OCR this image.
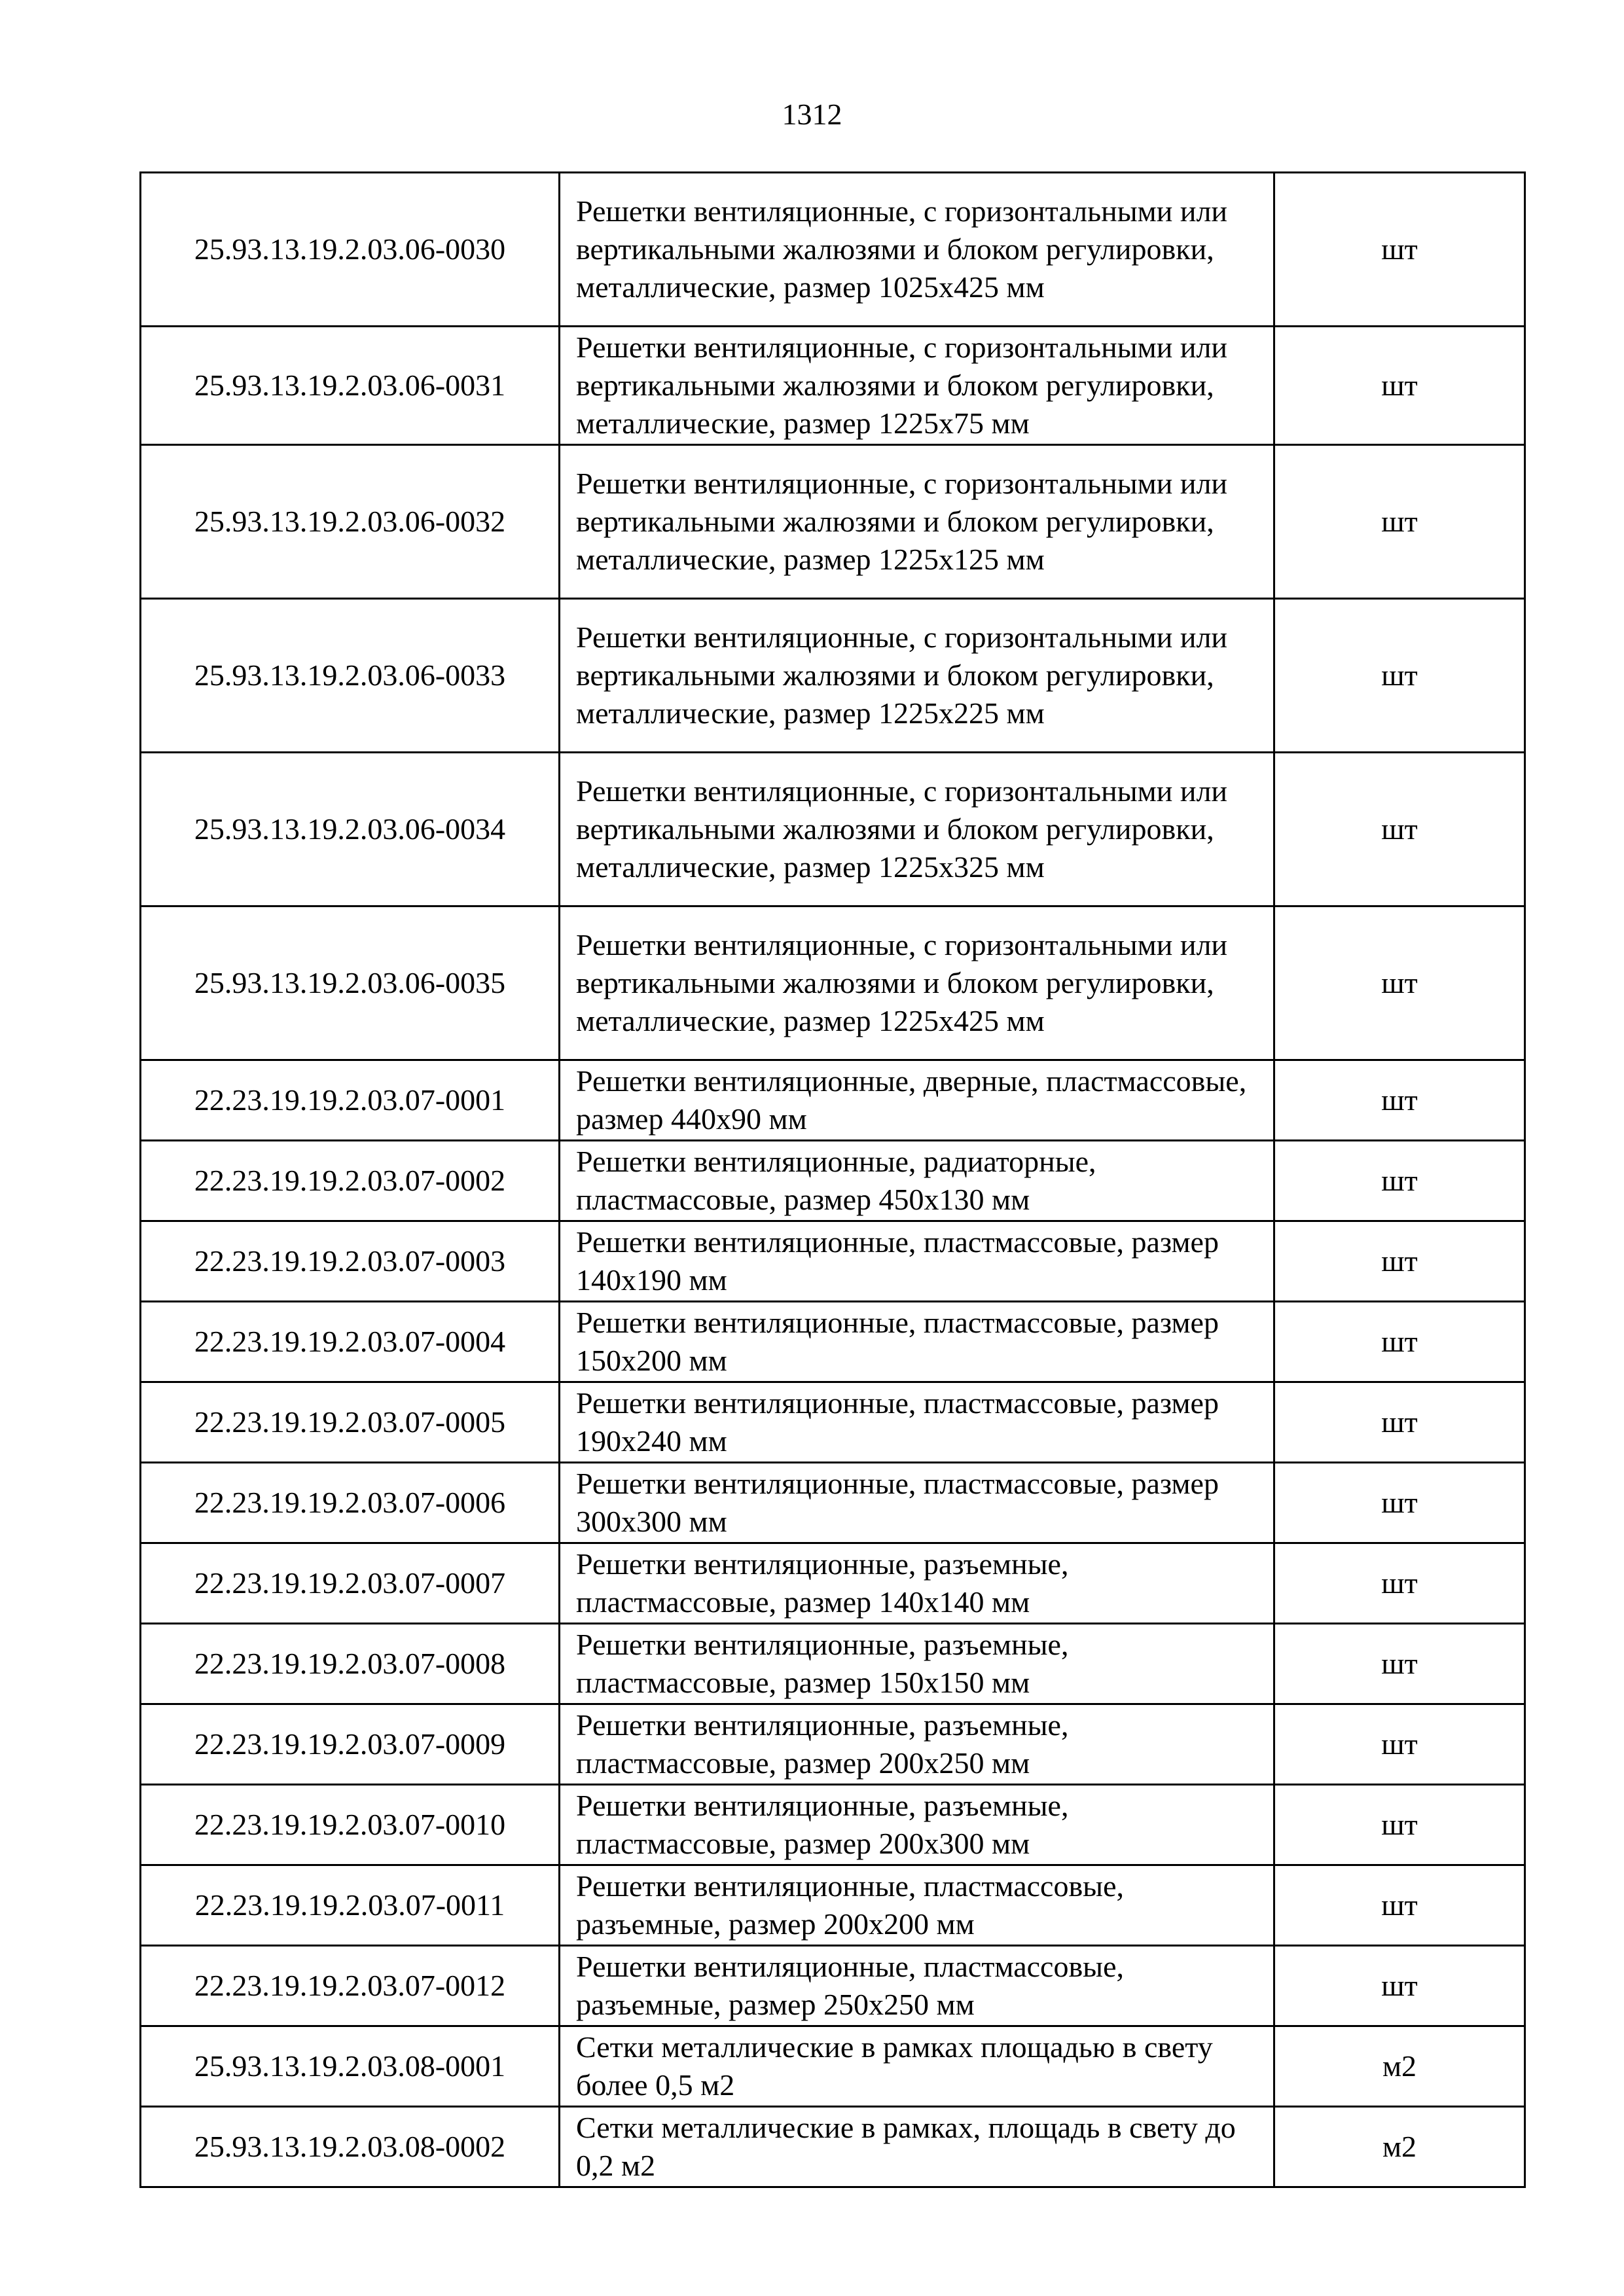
1312
25.93.13.19.2.03.06-0030	Решетки вентиляционные, с горизонтальными или вертикальными жалюзями и блоком регулировки, металлические, размер 1025х425 мм	шт
25.93.13.19.2.03.06-0031	Решетки вентиляционные, с горизонтальными или вертикальными жалюзями и блоком регулировки, металлические, размер 1225х75 мм	шт
25.93.13.19.2.03.06-0032	Решетки вентиляционные, с горизонтальными или вертикальными жалюзями и блоком регулировки, металлические, размер 1225х125 мм	шт
25.93.13.19.2.03.06-0033	Решетки вентиляционные, с горизонтальными или вертикальными жалюзями и блоком регулировки, металлические, размер 1225х225 мм	шт
25.93.13.19.2.03.06-0034	Решетки вентиляционные, с горизонтальными или вертикальными жалюзями и блоком регулировки, металлические, размер 1225х325 мм	шт
25.93.13.19.2.03.06-0035	Решетки вентиляционные, с горизонтальными или вертикальными жалюзями и блоком регулировки, металлические, размер 1225х425 мм	шт
22.23.19.19.2.03.07-0001	Решетки вентиляционные, дверные, пластмассовые, размер 440х90 мм	шт
22.23.19.19.2.03.07-0002	Решетки вентиляционные, радиаторные, пластмассовые, размер 450х130 мм	шт
22.23.19.19.2.03.07-0003	Решетки вентиляционные, пластмассовые, размер 140х190 мм	шт
22.23.19.19.2.03.07-0004	Решетки вентиляционные, пластмассовые, размер 150х200 мм	шт
22.23.19.19.2.03.07-0005	Решетки вентиляционные, пластмассовые, размер 190х240 мм	шт
22.23.19.19.2.03.07-0006	Решетки вентиляционные, пластмассовые, размер 300х300 мм	шт
22.23.19.19.2.03.07-0007	Решетки вентиляционные, разъемные, пластмассовые, размер 140х140 мм	шт
22.23.19.19.2.03.07-0008	Решетки вентиляционные, разъемные, пластмассовые, размер 150х150 мм	шт
22.23.19.19.2.03.07-0009	Решетки вентиляционные, разъемные, пластмассовые, размер 200х250 мм	шт
22.23.19.19.2.03.07-0010	Решетки вентиляционные, разъемные, пластмассовые, размер 200х300 мм	шт
22.23.19.19.2.03.07-0011	Решетки вентиляционные, пластмассовые, разъемные, размер 200х200 мм	шт
22.23.19.19.2.03.07-0012	Решетки вентиляционные, пластмассовые, разъемные, размер 250х250 мм	шт
25.93.13.19.2.03.08-0001	Сетки металлические в рамках площадью в свету более 0,5 м2	м2
25.93.13.19.2.03.08-0002	Сетки металлические в рамках, площадь в свету до 0,2 м2	м2
